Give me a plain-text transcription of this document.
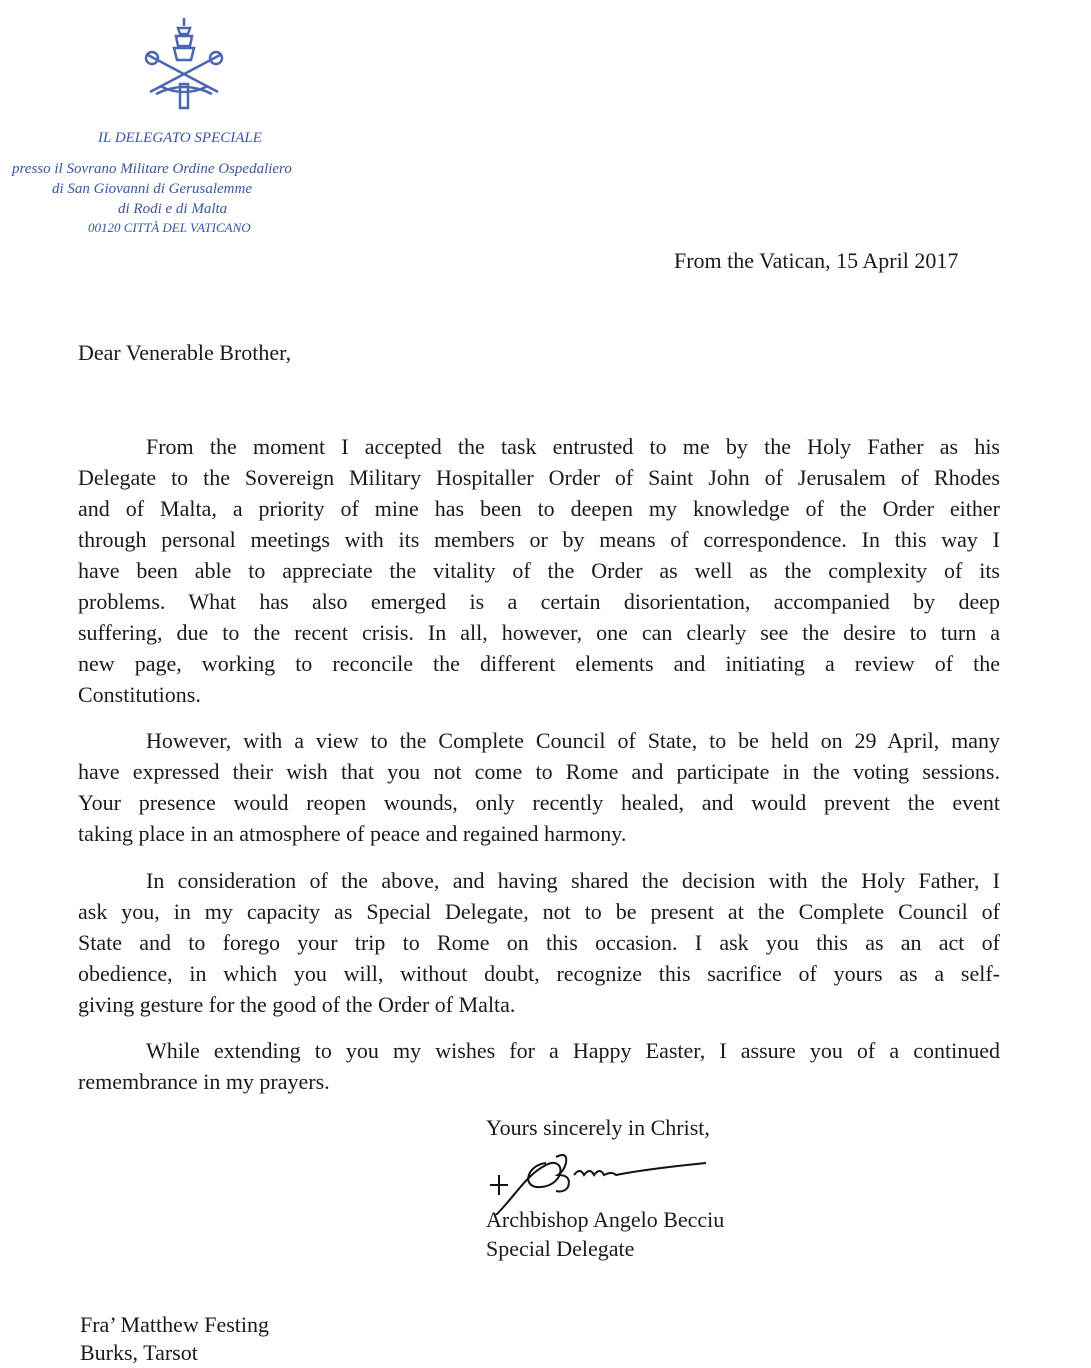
IL DELEGATO SPECIALE
presso il Sovrano Militare Ordine Ospedaliero
di San Giovanni di Gerusalemme
di Rodi e di Malta
00120 CITTÀ DEL VATICANO
From the Vatican, 15 April 2017
Dear Venerable Brother,
From the moment I accepted the task entrusted to me by the Holy Father as his
Delegate to the Sovereign Military Hospitaller Order of Saint John of Jerusalem of Rhodes
and of Malta, a priority of mine has been to deepen my knowledge of the Order either
through personal meetings with its members or by means of correspondence. In this way I
have been able to appreciate the vitality of the Order as well as the complexity of its
problems. What has also emerged is a certain disorientation, accompanied by deep
suffering, due to the recent crisis. In all, however, one can clearly see the desire to turn a
new page, working to reconcile the different elements and initiating a review of the
Constitutions.
However, with a view to the Complete Council of State, to be held on 29 April, many
have expressed their wish that you not come to Rome and participate in the voting sessions.
Your presence would reopen wounds, only recently healed, and would prevent the event
taking place in an atmosphere of peace and regained harmony.
In consideration of the above, and having shared the decision with the Holy Father, I
ask you, in my capacity as Special Delegate, not to be present at the Complete Council of
State and to forego your trip to Rome on this occasion. I ask you this as an act of
obedience, in which you will, without doubt, recognize this sacrifice of yours as a self-
giving gesture for the good of the Order of Malta.
While extending to you my wishes for a Happy Easter, I assure you of a continued
remembrance in my prayers.
Yours sincerely in Christ,
Archbishop Angelo Becciu
Special Delegate
Fra’ Matthew Festing
Burks, Tarsot
